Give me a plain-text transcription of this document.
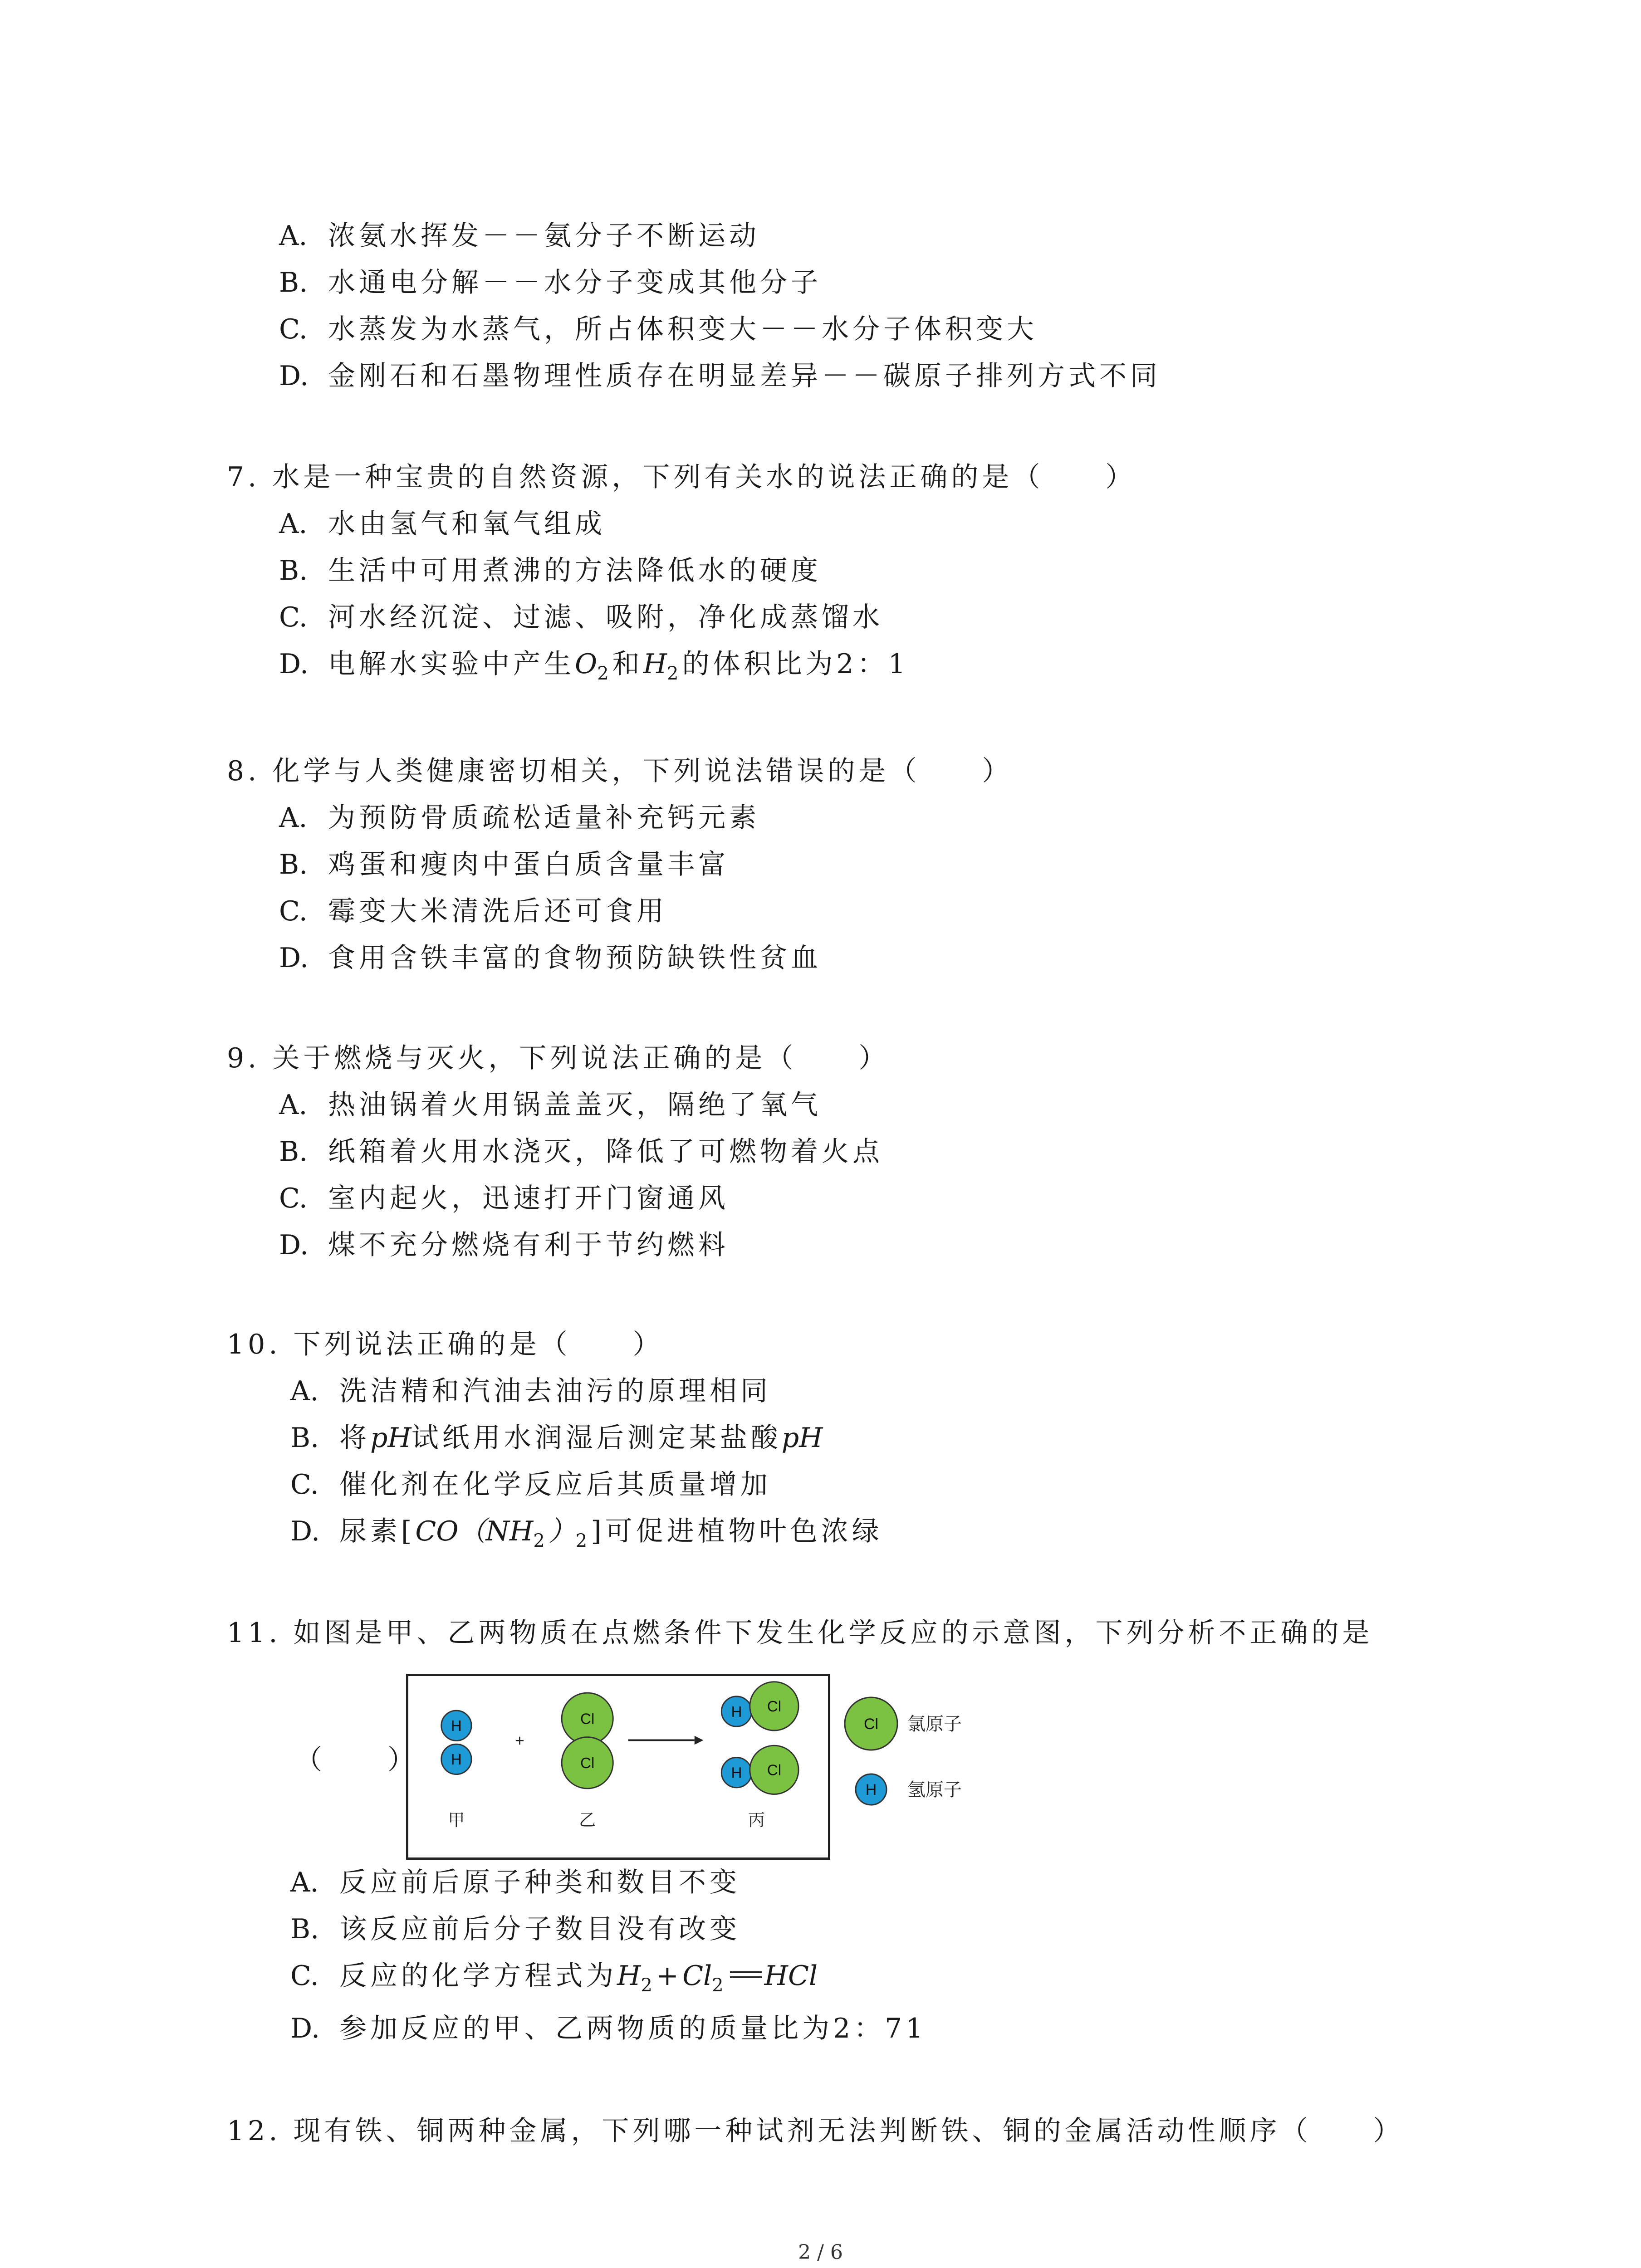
A. 浓氨水挥发－－氨分子不断运动
B. 水通电分解－－水分子变成其他分子
C. 水蒸发为水蒸气，所占体积变大－－水分子体积变大
D. 金刚石和石墨物理性质存在明显差异－－碳原子排列方式不同
7. 水是一种宝贵的自然资源，下列有关水的说法正确的是（　　）
A. 水由氢气和氧气组成
B. 生活中可用煮沸的方法降低水的硬度
C. 河水经沉淀、过滤、吸附，净化成蒸馏水
D. 电解水实验中产生$O_2$和$H_2$的体积比为2：1
8. 化学与人类健康密切相关，下列说法错误的是（　　）
A. 为预防骨质疏松适量补充钙元素
B. 鸡蛋和瘦肉中蛋白质含量丰富
C. 霉变大米清洗后还可食用
D. 食用含铁丰富的食物预防缺铁性贫血
9. 关于燃烧与灭火，下列说法正确的是（　　）
A. 热油锅着火用锅盖盖灭，隔绝了氧气
B. 纸箱着火用水浇灭，降低了可燃物着火点
C. 室内起火，迅速打开门窗通风
D. 煤不充分燃烧有利于节约燃料
10. 下列说法正确的是（　　）
A. 洗洁精和汽油去油污的原理相同
B. 将pH试纸用水润湿后测定某盐酸pH
C. 催化剂在化学反应后其质量增加
D. 尿素$[CO(NH_2)_2]$可促进植物叶色浓绿
11. 如图是甲、乙两物质在点燃条件下发生化学反应的示意图，下列分析不正确的是
（　　）
H
H
+
Cl
Cl
H Cl
H Cl
甲	乙	丙
Cl 氯原子
H 氢原子
A. 反应前后原子种类和数目不变
B. 该反应前后分子数目没有改变
C. 反应的化学方程式为$H_2+Cl_2$ HCl
D. 参加反应的甲、乙两物质的质量比为2：71
12. 现有铁、铜两种金属，下列哪一种试剂无法判断铁、铜的金属活动性顺序（　　）
2 / 6
